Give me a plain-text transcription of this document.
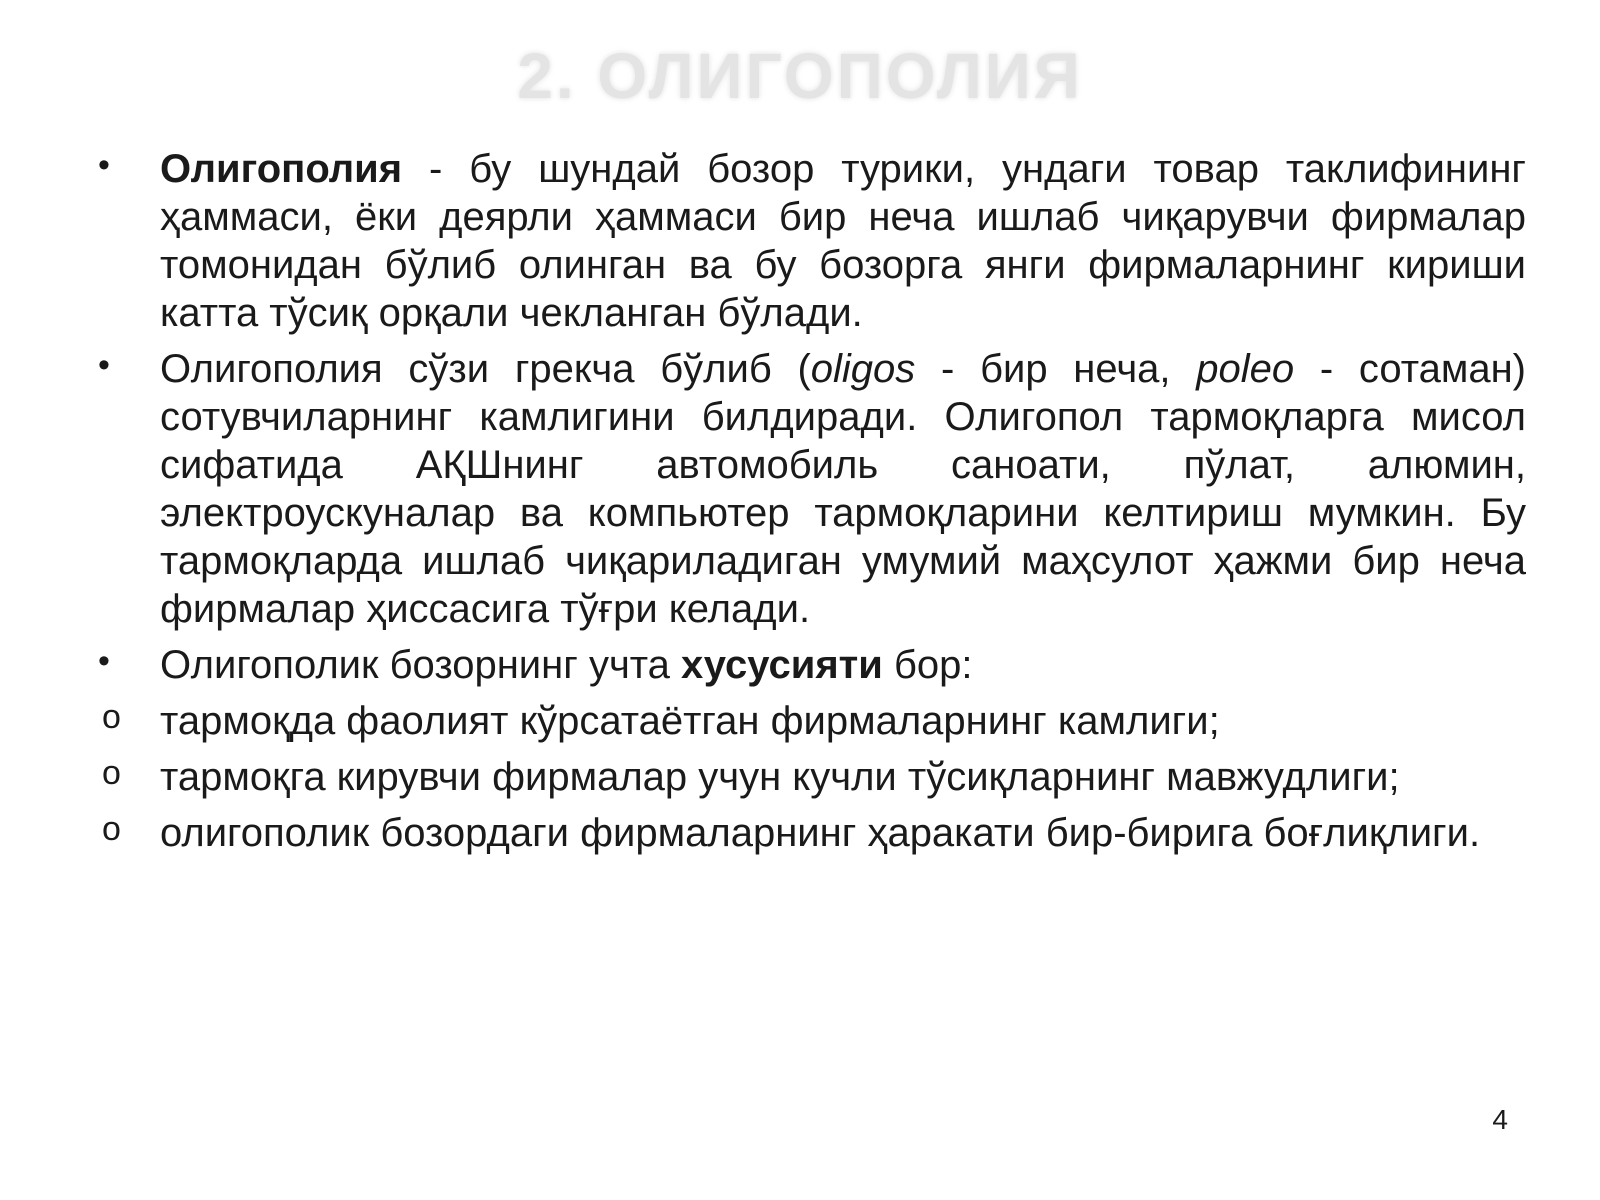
2. ОЛИГОПОЛИЯ
•	Олигополия - бу шундай бозор турики, ундаги товар таклифининг ҳаммаси, ёки деярли ҳаммаси бир неча ишлаб чиқарувчи фирмалар томонидан бўлиб олинган ва бу бозорга янги фирмаларнинг кириши катта тўсиқ орқали чекланган бўлади.

•	Олигополия сўзи грекча бўлиб (oligos - бир неча, poleo - сотаман) сотувчиларнинг камлигини билдиради. Олигопол тармоқларга мисол сифатида АҚШнинг автомобиль саноати, пўлат, алюмин, электроускуналар ва компьютер тармоқларини келтириш мумкин. Бу тармоқларда ишлаб чиқариладиган умумий маҳсулот ҳажми бир неча фирмалар ҳиссасига тўғри келади.

•	Олигополик бозорнинг учта хусусияти бор:

o тармоқда фаолият кўрсатаётган фирмаларнинг камлиги;

o тармоқга кирувчи фирмалар учун кучли тўсиқларнинг мавжудлиги;

o олигополик бозордаги фирмаларнинг ҳаракати бир-бирига боғлиқлиги.

4
